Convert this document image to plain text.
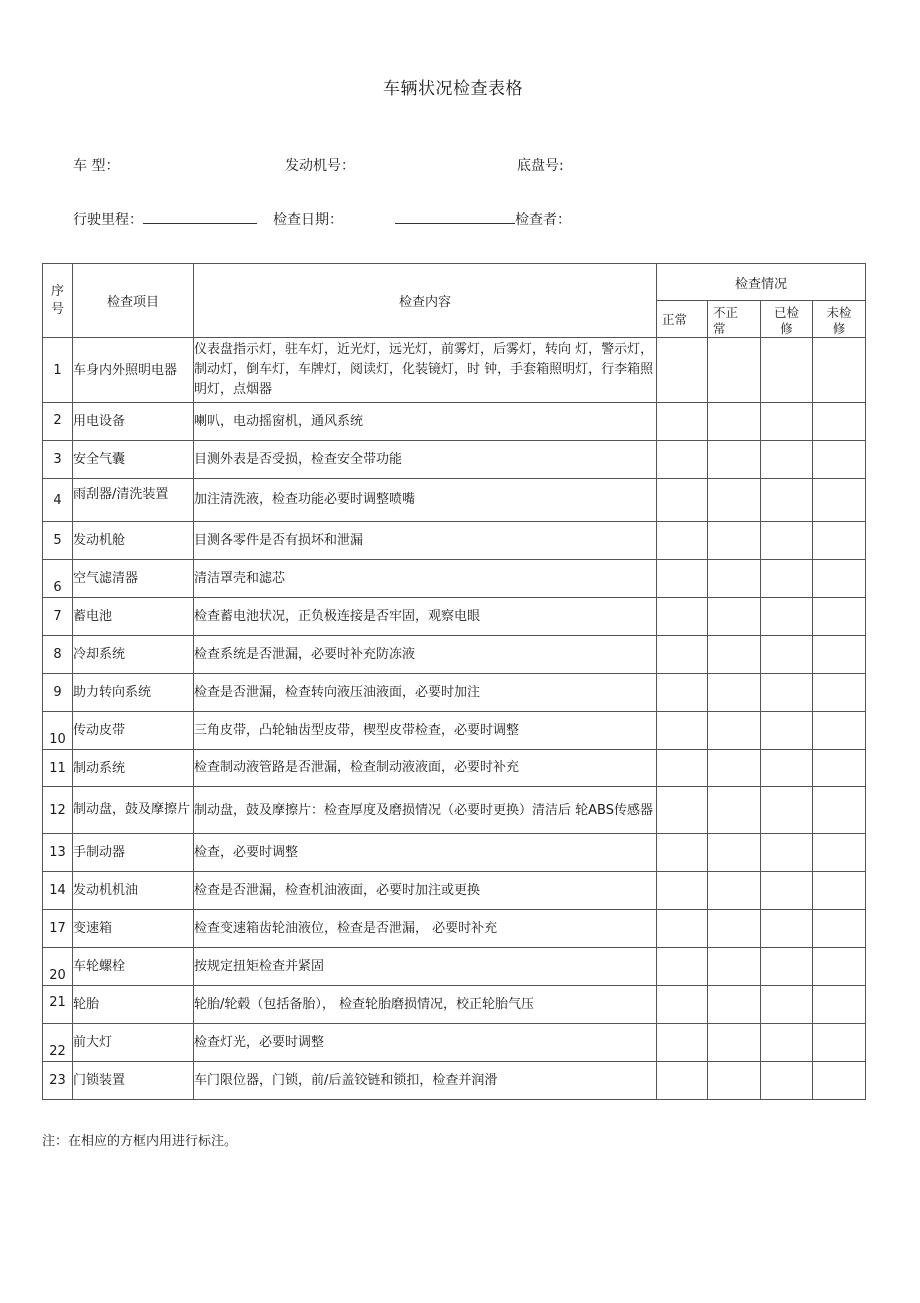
车辆状况检查表格
车 型：	发动机号：	底盘号:
行驶里程：	检查日期：	检查者：
序号	检查项目	检查内容	检查情况			

			正常	不正常	已检修	未检修

1	车身内外照明电器	仪表盘指示灯，驻车灯，近光灯，远光灯，前雾灯，后雾灯，转向 灯，警示灯，制动灯，倒车灯，车牌灯，阅读灯，化装镜灯，时 钟，手套箱照明灯，行李箱照明灯，点烟器				
2	用电设备	喇叭，电动摇窗机，通风系统				
3	安全气囊	目测外表是否受损，检查安全带功能				
4	雨刮器/清洗装置	加注清洗液，检查功能必要时调整喷嘴				
5	发动机舱	目测各零件是否有损坏和泄漏				
6	空气滤清器	清洁罩壳和滤芯				
7	蓄电池	检查蓄电池状况，正负极连接是否牢固，观察电眼				
8	冷却系统	检查系统是否泄漏，必要时补充防冻液				
9	助力转向系统	检查是否泄漏，检查转向液压油液面，必要时加注				
10	传动皮带	三角皮带，凸轮轴齿型皮带，楔型皮带检查，必要时调整				
11	制动系统	检查制动液管路是否泄漏，检查制动液液面，必要时补充				
12	制动盘，鼓及摩擦片	制动盘，鼓及摩擦片：检查厚度及磨损情况（必要时更换）清洁后 轮ABS传感器				
13	手制动器	检查，必要时调整				
14	发动机机油	检查是否泄漏，检查机油液面，必要时加注或更换				
17	变速箱	检查变速箱齿轮油液位，检查是否泄漏， 必要时补充				
20	车轮螺栓	按规定扭矩检查并紧固				
21	轮胎	轮胎/轮毂（包括备胎）， 检查轮胎磨损情况，校正轮胎气压				
22	前大灯	检查灯光，必要时调整				
23	门锁装置	车门限位器，门锁，前/后盖铰链和锁扣，检查并润滑				
注：在相应的方框内用进行标注。
